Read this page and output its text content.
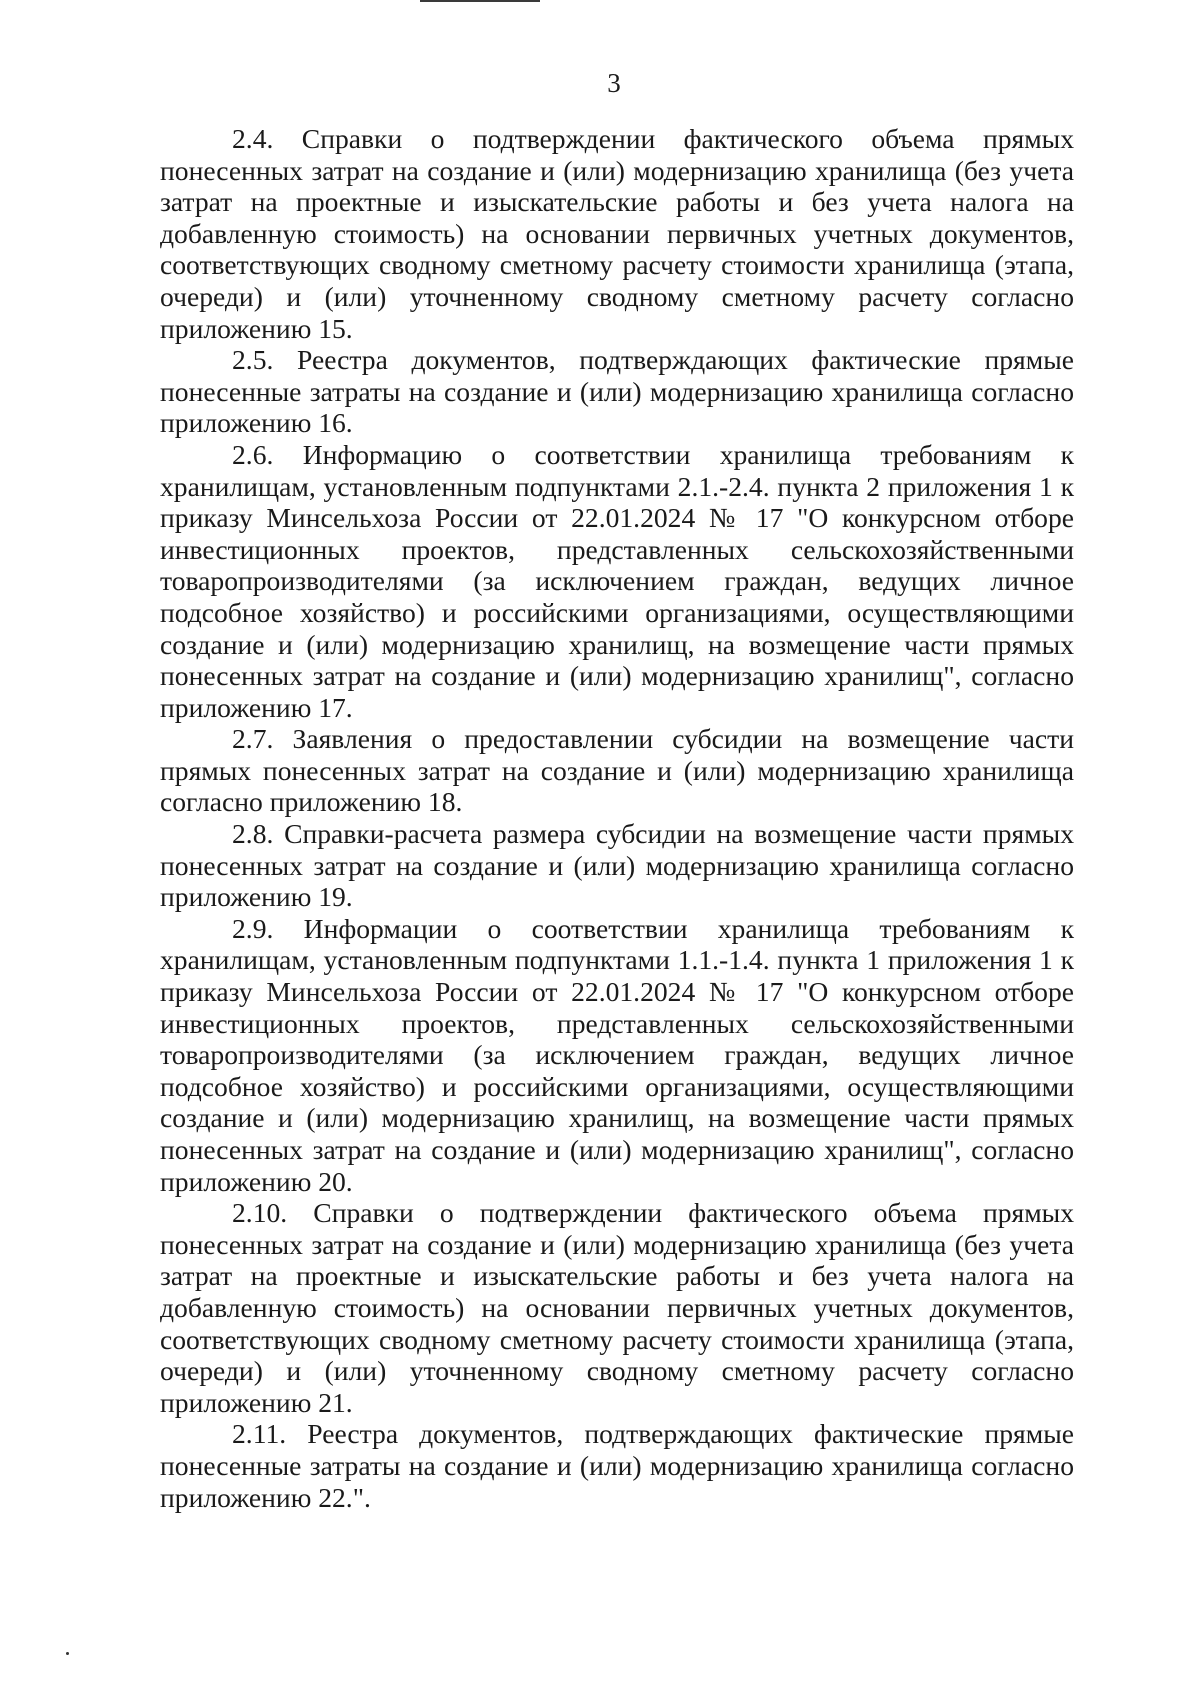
3

2.4. Справки о подтверждении фактического объема прямых понесенных затрат на создание и (или) модернизацию хранилища (без учета затрат на проектные и изыскательские работы и без учета налога на добавленную стоимость) на основании первичных учетных документов, соответствующих сводному сметному расчету стоимости хранилища (этапа, очереди) и (или) уточненному сводному сметному расчету согласно приложению 15.

2.5. Реестра документов, подтверждающих фактические прямые понесенные затраты на создание и (или) модернизацию хранилища согласно приложению 16.

2.6. Информацию о соответствии хранилища требованиям к хранилищам, установленным подпунктами 2.1.-2.4. пункта 2 приложения 1 к приказу Минсельхоза России от 22.01.2024 № 17 "О конкурсном отборе инвестиционных проектов, представленных сельскохозяйственными товаропроизводителями (за исключением граждан, ведущих личное подсобное хозяйство) и российскими организациями, осуществляющими создание и (или) модернизацию хранилищ, на возмещение части прямых понесенных затрат на создание и (или) модернизацию хранилищ", согласно приложению 17.

2.7. Заявления о предоставлении субсидии на возмещение части прямых понесенных затрат на создание и (или) модернизацию хранилища согласно приложению 18.

2.8. Справки-расчета размера субсидии на возмещение части прямых понесенных затрат на создание и (или) модернизацию хранилища согласно приложению 19.

2.9. Информации о соответствии хранилища требованиям к хранилищам, установленным подпунктами 1.1.-1.4. пункта 1 приложения 1 к приказу Минсельхоза России от 22.01.2024 № 17 "О конкурсном отборе инвестиционных проектов, представленных сельскохозяйственными товаропроизводителями (за исключением граждан, ведущих личное подсобное хозяйство) и российскими организациями, осуществляющими создание и (или) модернизацию хранилищ, на возмещение части прямых понесенных затрат на создание и (или) модернизацию хранилищ", согласно приложению 20.

2.10. Справки о подтверждении фактического объема прямых понесенных затрат на создание и (или) модернизацию хранилища (без учета затрат на проектные и изыскательские работы и без учета налога на добавленную стоимость) на основании первичных учетных документов, соответствующих сводному сметному расчету стоимости хранилища (этапа, очереди) и (или) уточненному сводному сметному расчету согласно приложению 21.

2.11. Реестра документов, подтверждающих фактические прямые понесенные затраты на создание и (или) модернизацию хранилища согласно приложению 22.".
